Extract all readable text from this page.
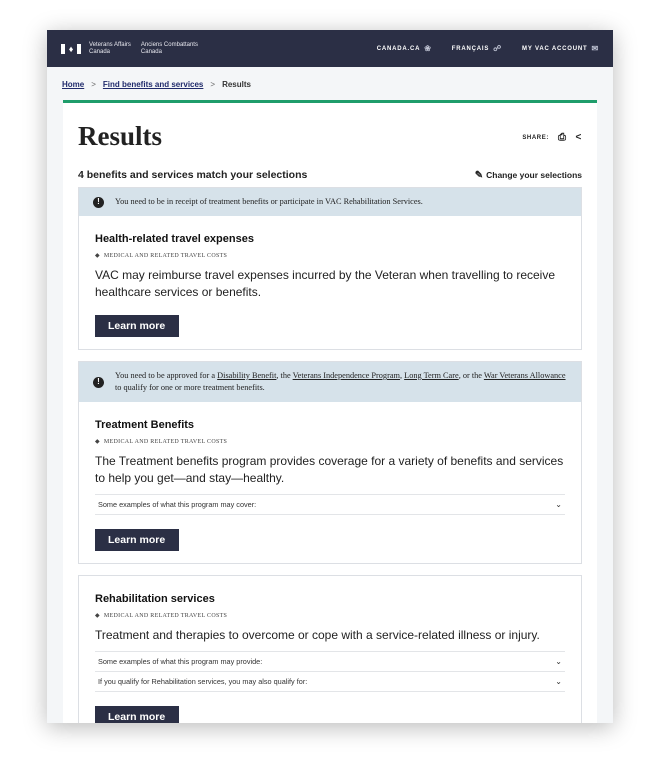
♦	Veterans Affairs
Canada
Anciens Combattants
Canada	CANADA.CA ❀	FRANÇAIS ☍	MY VAC ACCOUNT ✉
Home > Find benefits and services > Results
Results	SHARE: ⎙ <
4 benefits and services match your selections	✎ Change your selections
!	You need to be in receipt of treatment benefits or participate in VAC Rehabilitation Services.
Health-related travel expenses
◆ MEDICAL AND RELATED TRAVEL COSTS
VAC may reimburse travel expenses incurred by the Veteran when travelling to receive healthcare services or benefits.
Learn more
!
You need to be approved for a Disability Benefit, the Veterans Independence Program, Long Term Care, or the War Veterans Allowance to qualify for one or more treatment benefits.
Treatment Benefits
◆ MEDICAL AND RELATED TRAVEL COSTS
The Treatment benefits program provides coverage for a variety of benefits and services to help you get—and stay—healthy.
Some examples of what this program may cover:	⌄
Learn more
Rehabilitation services
◆ MEDICAL AND RELATED TRAVEL COSTS
Treatment and therapies to overcome or cope with a service-related illness or injury.
Some examples of what this program may provide:	⌄
If you qualify for Rehabilitation services, you may also qualify for:	⌄
Learn more
